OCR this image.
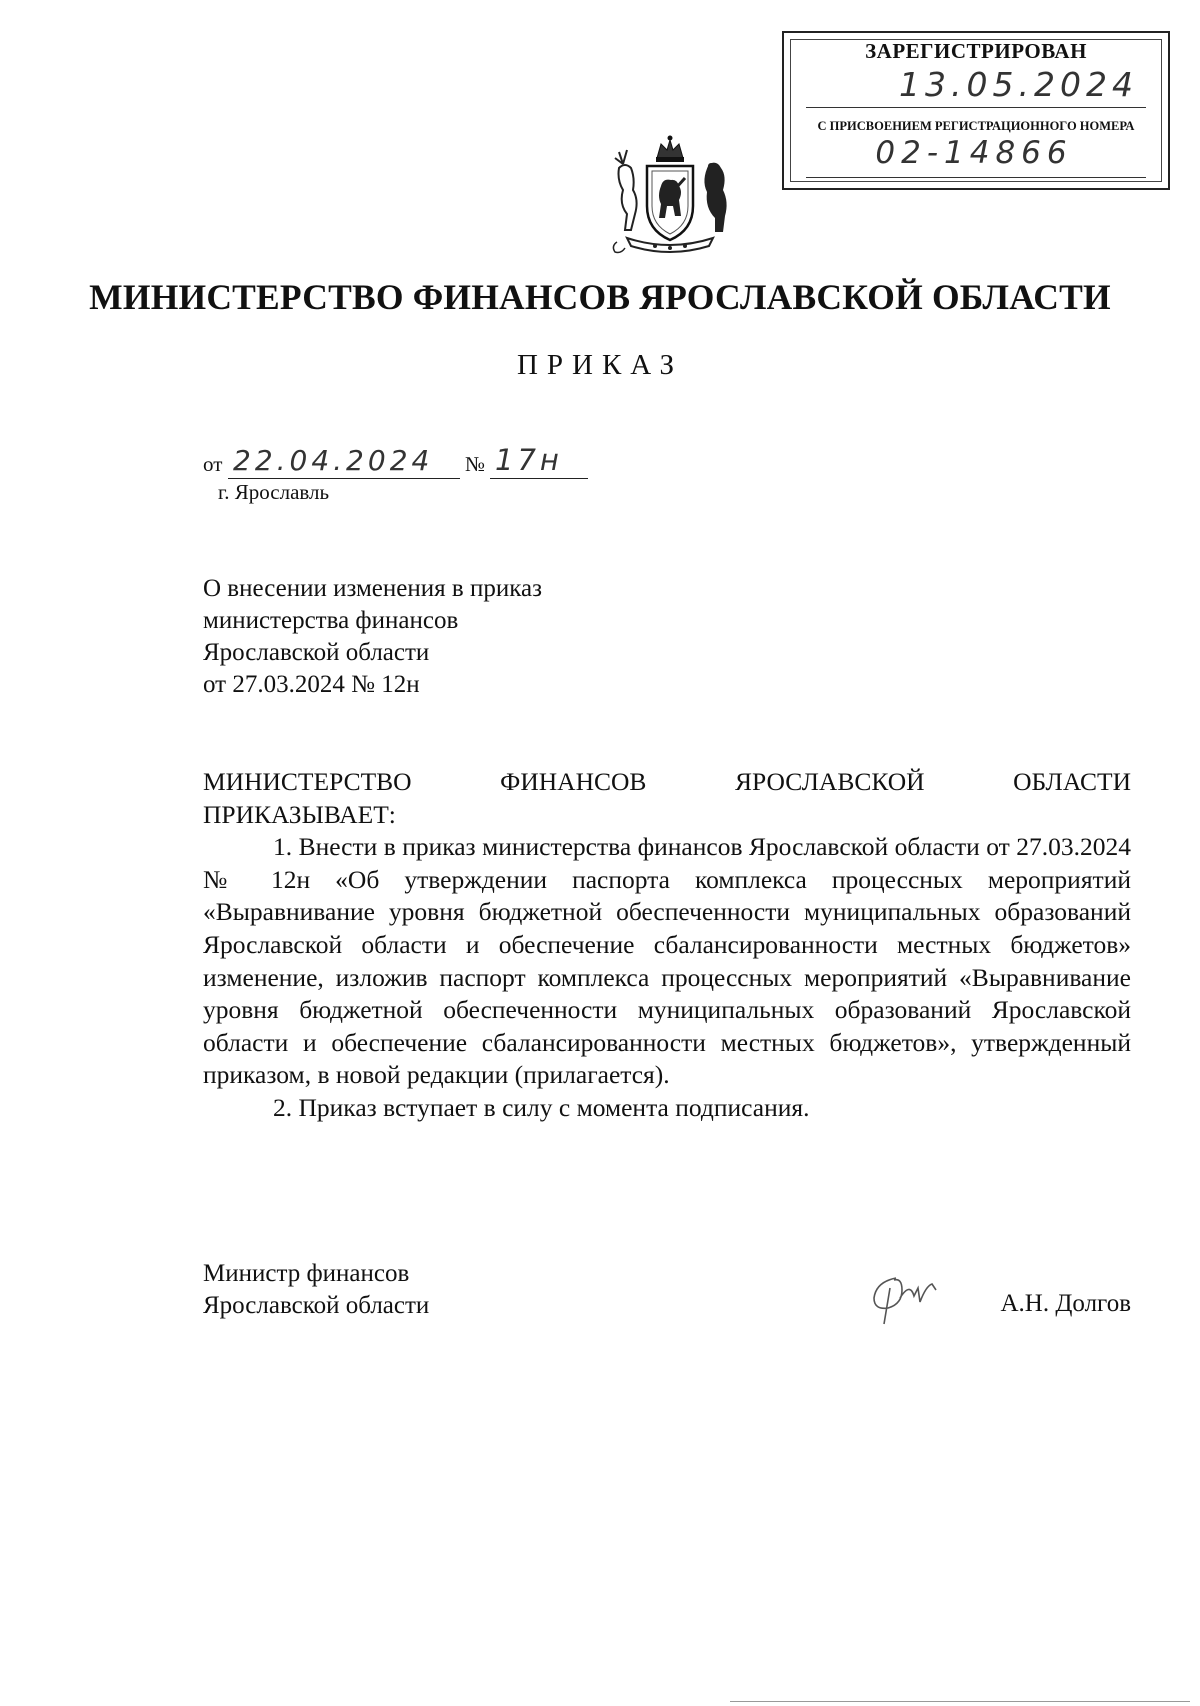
ЗАРЕГИСТРИРОВАН
13.05.2024
С ПРИСВОЕНИЕМ РЕГИСТРАЦИОННОГО НОМЕРА
02-14866
МИНИСТЕРСТВО ФИНАНСОВ ЯРОСЛАВСКОЙ ОБЛАСТИ
ПРИКАЗ
от 22.04.2024 № 17н
г. Ярославль
О внесении изменения в приказ
министерства финансов
Ярославской области
от 27.03.2024 № 12н

МИНИСТЕРСТВО ФИНАНСОВ ЯРОСЛАВСКОЙ ОБЛАСТИ

ПРИКАЗЫВАЕТ:

1. Внести в приказ министерства финансов Ярославской области от 27.03.2024 № 12н «Об утверждении паспорта комплекса процессных мероприятий «Выравнивание уровня бюджетной обеспеченности муниципальных образований Ярославской области и обеспечение сбалансированности местных бюджетов» изменение, изложив паспорт комплекса процессных мероприятий «Выравнивание уровня бюджетной обеспеченности муниципальных образований Ярославской области и обеспечение сбалансированности местных бюджетов», утвержденный приказом, в новой редакции (прилагается).

2. Приказ вступает в силу с момента подписания.

Министр финансов
Ярославской области	А.Н. Долгов
